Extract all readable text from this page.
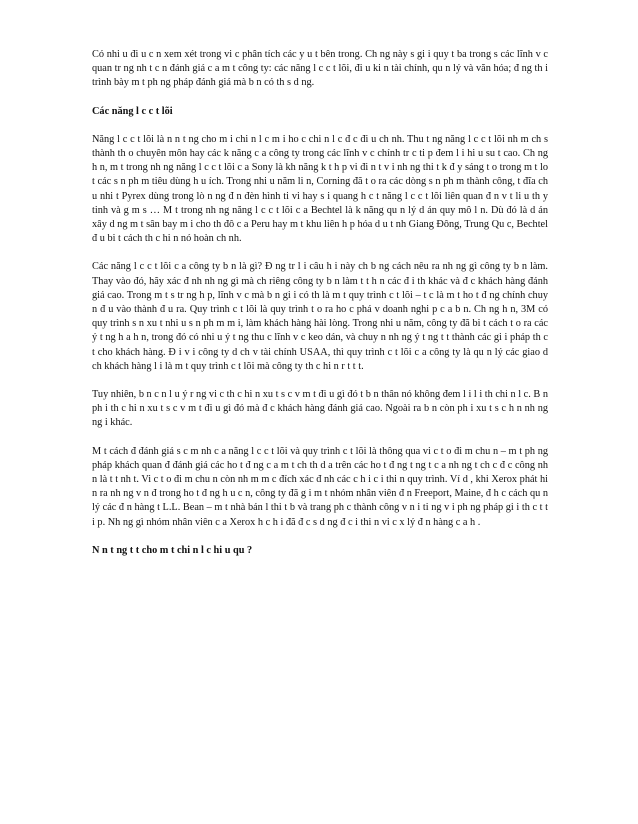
Có nhi u đi u c n xem xét trong vi c phân tích các y u t bên trong. Ch ng này s gi i quy t ba trong s các lĩnh v c quan tr ng nh t c n đánh giá c a m t công ty: các năng l c c t lõi, đi u ki n tài chính, qu n lý và văn hóa; đ ng th i trình bày m t ph ng pháp đánh giá mà b n có th s d ng.

Các năng l c c t lõi

Năng l c c t lõi là n n t ng cho m i chi n l c m i ho c chi n l c đ c đi u ch nh. Thu t ng năng l c c t lõi nh m ch s thành th o chuyên môn hay các k năng c a công ty trong các lĩnh v c chính tr c ti p đem l i hi u su t cao. Ch ng h n, m t trong nh ng năng l c c t lõi c a Sony là kh năng k t h p vi đi n t v i nh ng thi t k đ y sáng t o trong m t lo t các s n ph m tiêu dùng h u ích. Trong nhi u năm li n, Corning đã t o ra các dòng s n ph m thành công, t đĩa ch u nhi t Pyrex dùng trong lò n ng đ n đèn hình ti vi hay s i quang h c t năng l c c t lõi liên quan đ n v t li u th y tinh và g m s … M t trong nh ng năng l c c t lõi c a Bechtel là k năng qu n lý d án quy mô l n. Dù đó là d án xây d ng m t sân bay m i cho th đô c a Peru hay m t khu liên h p hóa d u t nh Giang Đông, Trung Qu c, Bechtel đ u bi t cách th c hi n nó hoàn ch nh.

Các năng l c c t lõi c a công ty b n là gì? Đ ng tr l i câu h i này ch b ng cách nêu ra nh ng gì công ty b n làm. Thay vào đó, hãy xác đ nh nh ng gì mà ch riêng công ty b n làm t t h n các đ i th khác và đ c khách hàng đánh giá cao. Trong m t s tr ng h p, lĩnh v c mà b n gi i có th là m t quy trình c t lõi – t c là m t ho t đ ng chính chuy n đ u vào thành đ u ra. Quy trình c t lõi là quy trình t o ra ho c phá v doanh nghi p c a b n. Ch ng h n, 3M có quy trình s n xu t nhi u s n ph m m i, làm khách hàng hài lòng. Trong nhi u năm, công ty đã bi t cách t o ra các ý t ng h a h n, trong đó có nhi u ý t ng thu c lĩnh v c keo dán, và chuy n nh ng ý t ng t t thành các gi i pháp th c t cho khách hàng. Đ i v i công ty d ch v tài chính USAA, thì quy trình c t lõi c a công ty là qu n lý các giao d ch khách hàng l i là m t quy trình c t lõi mà công ty th c hi n r t t t.

Tuy nhiên, b n c n l u ý r ng vi c th c hi n xu t s c v m t đi u gì đó t b n thân nó không đem l i l i th chi n l c. B n ph i th c hi n xu t s c v m t đi u gì đó mà đ c khách hàng đánh giá cao. Ngoài ra b n còn ph i xu t s c h n nh ng ng i khác.

M t cách đ đánh giá s c m nh c a năng l c c t lõi và quy trình c t lõi là thông qua vi c t o đi m chu n – m t ph ng pháp khách quan đ đánh giá các ho t đ ng c a m t ch th d a trên các ho t đ ng t ng t c a nh ng t ch c đ c công nh n là t t nh t. Vi c t o đi m chu n còn nh m m c đích xác đ nh các c h i c i thi n quy trình. Ví d , khi Xerox phát hi n ra nh ng v n đ trong ho t đ ng h u c n, công ty đã g i m t nhóm nhân viên đ n Freeport, Maine, đ h c cách qu n lý các đ n hàng t L.L. Bean – m t nhà bán l thi t b và trang ph c thành công v n i ti ng v i ph ng pháp gi i th c t t i p. Nh ng gì nhóm nhân viên c a Xerox h c h i đã đ c s d ng đ c i thi n vi c x lý đ n hàng c a h .

N n t ng t t cho m t chi n l c hi u qu ?
